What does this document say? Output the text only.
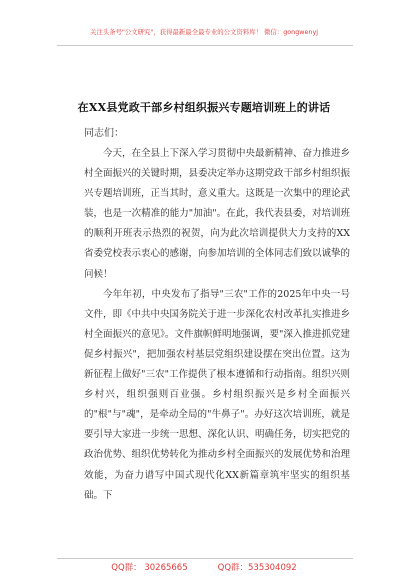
关注头条号"公文研究"，获得最新最全最专业的公文资料库！ 微信：gongwenyj
在XX县党政干部乡村组织振兴专题培训班上的讲话
同志们：

今天，在全县上下深入学习贯彻中央最新精神、奋力推进乡村全面振兴的关键时期，县委决定举办这期党政干部乡村组织振兴专题培训班，正当其时，意义重大。这既是一次集中的理论武装，也是一次精准的能力"加油"。在此，我代表县委，对培训班的顺利开班表示热烈的祝贺，向为此次培训提供大力支持的XX省委党校表示衷心的感谢，向参加培训的全体同志们致以诚挚的问候！

今年年初，中央发布了指导"三农"工作的2025年中央一号文件，即《中共中央国务院关于进一步深化农村改革扎实推进乡村全面振兴的意见》。文件旗帜鲜明地强调，要"深入推进抓党建促乡村振兴"，把加强农村基层党组织建设摆在突出位置。这为新征程上做好"三农"工作提供了根本遵循和行动指南。组织兴则乡村兴，组织强则百业强。乡村组织振兴是乡村全面振兴的"根"与"魂"，是牵动全局的"牛鼻子"。办好这次培训班，就是要引导大家进一步统一思想、深化认识、明确任务，切实把党的政治优势、组织优势转化为推动乡村全面振兴的发展优势和治理效能，为奋力谱写中国式现代化XX新篇章筑牢坚实的组织基础。下

QQ群： 30265665	QQ群：535304092
